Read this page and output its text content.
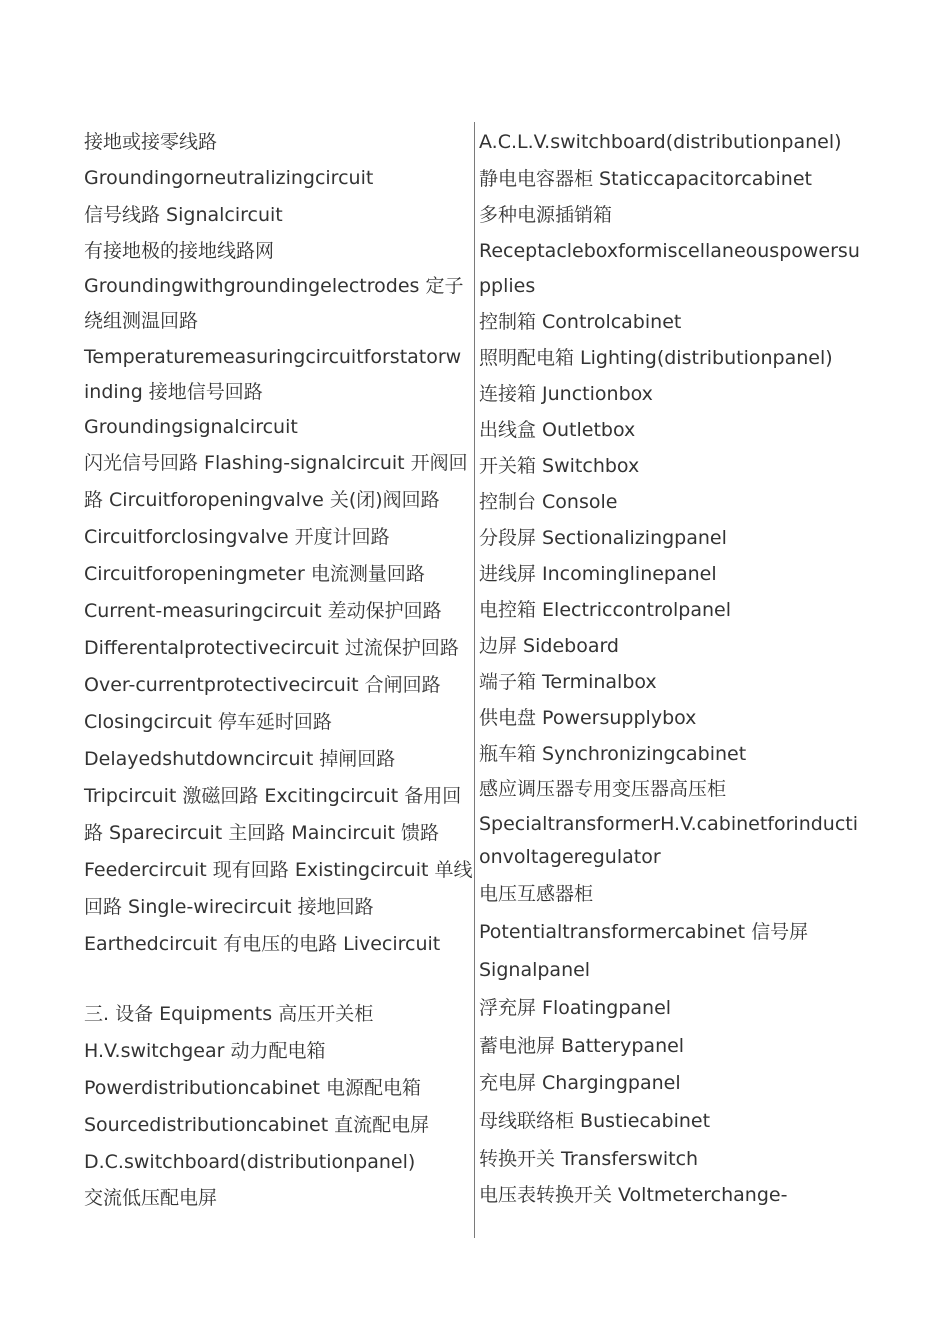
接地或接零线路
Groundingorneutralizingcircuit
信号线路 Signalcircuit
有接地极的接地线路网
Groundingwithgroundingelectrodes 定子
绕组测温回路
Temperaturemeasuringcircuitforstatorw
inding 接地信号回路
Groundingsignalcircuit
闪光信号回路 Flashing-signalcircuit 开阀回
路 Circuitforopeningvalve 关(闭)阀回路
Circuitforclosingvalve 开度计回路
Circuitforopeningmeter 电流测量回路
Current-measuringcircuit 差动保护回路
Differentalprotectivecircuit 过流保护回路
Over-currentprotectivecircuit 合闸回路
Closingcircuit 停车延时回路
Delayedshutdowncircuit 掉闸回路
Tripcircuit 激磁回路 Excitingcircuit 备用回
路 Sparecircuit 主回路 Maincircuit 馈路
Feedercircuit 现有回路 Existingcircuit 单线
回路 Single-wirecircuit 接地回路
Earthedcircuit 有电压的电路 Livecircuit
三. 设备 Equipments 高压开关柜
H.V.switchgear 动力配电箱
Powerdistributioncabinet 电源配电箱
Sourcedistributioncabinet 直流配电屏
D.C.switchboard(distributionpanel)
交流低压配电屏
A.C.L.V.switchboard(distributionpanel)
静电电容器柜 Staticcapacitorcabinet
多种电源插销箱
Receptacleboxformiscellaneouspowersu
pplies
控制箱 Controlcabinet
照明配电箱 Lighting(distributionpanel)
连接箱 Junctionbox
出线盒 Outletbox
开关箱 Switchbox
控制台 Console
分段屏 Sectionalizingpanel
进线屏 Incominglinepanel
电控箱 Electriccontrolpanel
边屏 Sideboard
端子箱 Terminalbox
供电盘 Powersupplybox
瓶车箱 Synchronizingcabinet
感应调压器专用变压器高压柜
SpecialtransformerH.V.cabinetforinducti
onvoltageregulator
电压互感器柜
Potentialtransformercabinet 信号屏
Signalpanel
浮充屏 Floatingpanel
蓄电池屏 Batterypanel
充电屏 Chargingpanel
母线联络柜 Bustiecabinet
转换开关 Transferswitch
电压表转换开关 Voltmeterchange-
